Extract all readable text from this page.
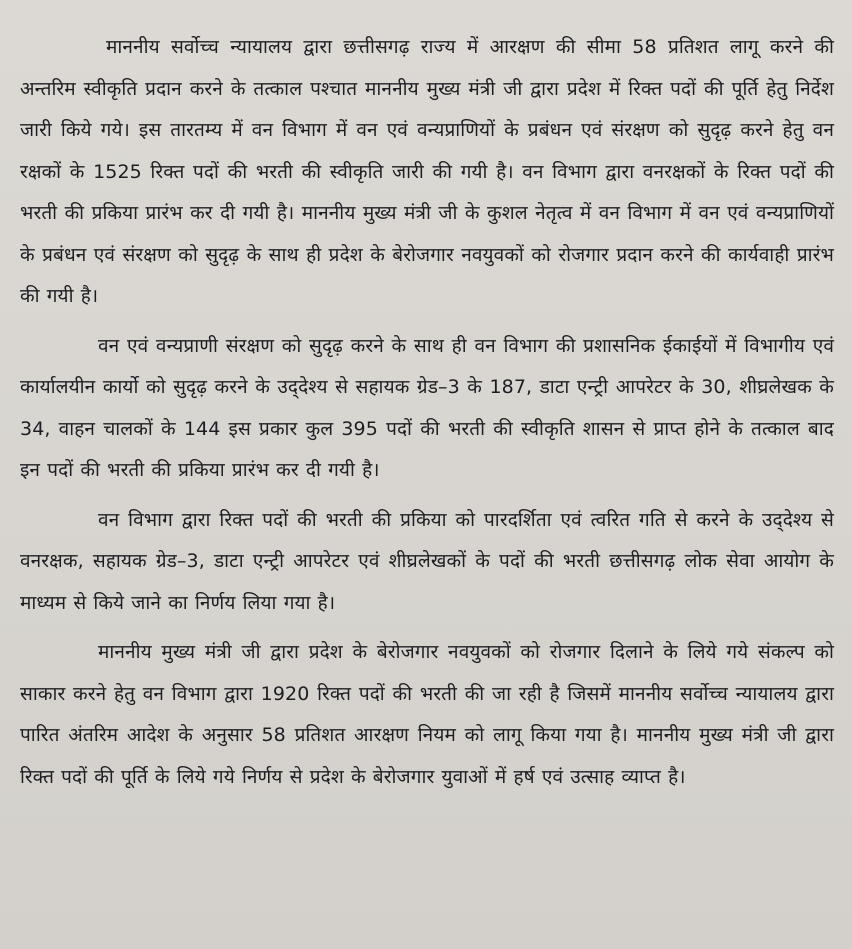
माननीय सर्वोच्च न्यायालय द्वारा छत्तीसगढ़ राज्य में आरक्षण की सीमा 58 प्रतिशत लागू करने की अन्तरिम स्वीकृति प्रदान करने के तत्काल पश्चात माननीय मुख्य मंत्री जी द्वारा प्रदेश में रिक्त पदों की पूर्ति हेतु निर्देश जारी किये गये। इस तारतम्य में वन विभाग में वन एवं वन्यप्राणियों के प्रबंधन एवं संरक्षण को सुदृढ़ करने हेतु वन रक्षकों के 1525 रिक्त पदों की भरती की स्वीकृति जारी की गयी है। वन विभाग द्वारा वनरक्षकों के रिक्त पदों की भरती की प्रकिया प्रारंभ कर दी गयी है। माननीय मुख्य मंत्री जी के कुशल नेतृत्व में वन विभाग में वन एवं वन्यप्राणियों के प्रबंधन एवं संरक्षण को सुदृढ़ के साथ ही प्रदेश के बेरोजगार नवयुवकों को रोजगार प्रदान करने की कार्यवाही प्रारंभ की गयी है।

वन एवं वन्यप्राणी संरक्षण को सुदृढ़ करने के साथ ही वन विभाग की प्रशासनिक ईकाईयों में विभागीय एवं कार्यालयीन कार्यो को सुदृढ़ करने के उद्‌देश्य से सहायक ग्रेड–3 के 187, डाटा एन्ट्री आपरेटर के 30, शीघ्रलेखक के 34, वाहन चालकों के 144 इस प्रकार कुल 395 पदों की भरती की स्वीकृति शासन से प्राप्त होने के तत्काल बाद इन पदों की भरती की प्रकिया प्रारंभ कर दी गयी है।

वन विभाग द्वारा रिक्त पदों की भरती की प्रकिया को पारदर्शिता एवं त्वरित गति से करने के उद्‌देश्य से वनरक्षक, सहायक ग्रेड–3, डाटा एन्ट्री आपरेटर एवं शीघ्रलेखकों के पदों की भरती छत्तीसगढ़ लोक सेवा आयोग के माध्यम से किये जाने का निर्णय लिया गया है।

माननीय मुख्य मंत्री जी द्वारा प्रदेश के बेरोजगार नवयुवकों को रोजगार दिलाने के लिये गये संकल्प को साकार करने हेतु वन विभाग द्वारा 1920 रिक्त पदों की भरती की जा रही है जिसमें माननीय सर्वोच्च न्यायालय द्वारा पारित अंतरिम आदेश के अनुसार 58 प्रतिशत आरक्षण नियम को लागू किया गया है। माननीय मुख्य मंत्री जी द्वारा रिक्त पदों की पूर्ति के लिये गये निर्णय से प्रदेश के बेरोजगार युवाओं में हर्ष एवं उत्साह व्याप्त है।
